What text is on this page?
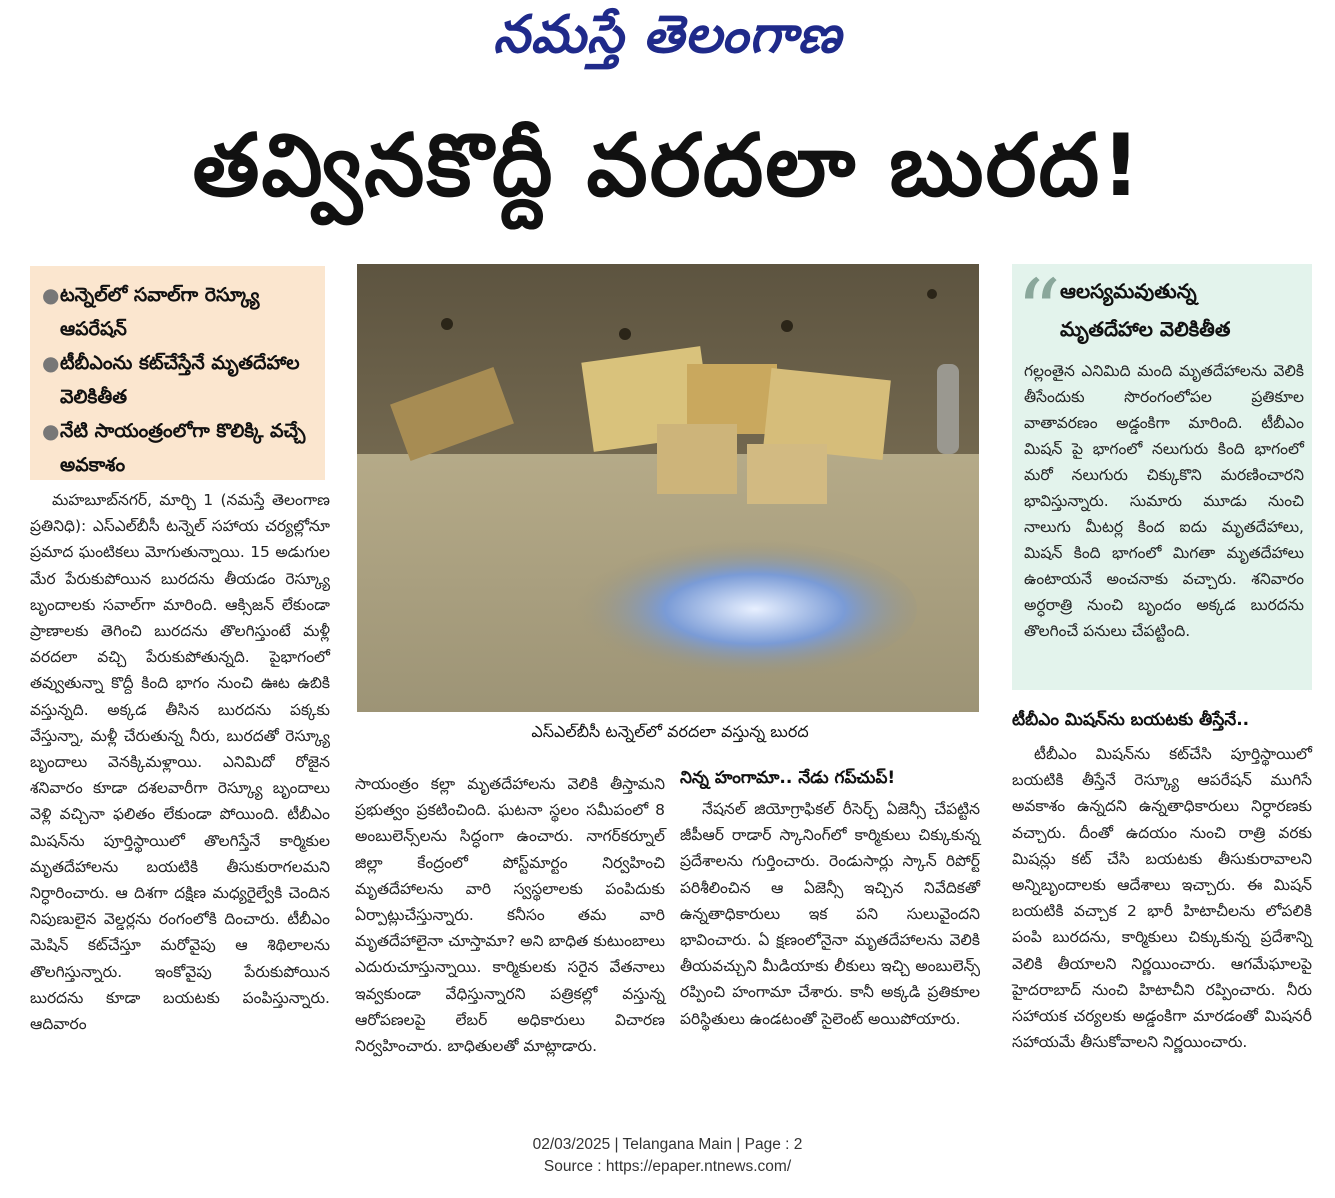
నమస్తే తెలంగాణ
తవ్వినకొద్దీ వరదలా బురద!
● టన్నెల్‌లో సవాల్‌గా రెస్క్యూ ఆపరేషన్
● టీబీఎంను కట్‌చేస్తేనే మృతదేహాల వెలికితీత
● నేటి సాయంత్రంలోగా కొలిక్కి వచ్చే అవకాశం
ఎస్‌ఎల్‌బీసీ టన్నెల్‌లో వరదలా వస్తున్న బురద
“ ఆలస్యమవుతున్న
మృతదేహాల వెలికితీత
గల్లంతైన ఎనిమిది మంది మృతదేహాలను వెలికి తీసేందుకు సొరంగంలోపల ప్రతికూల వాతావరణం అడ్డంకిగా మారింది. టీబీఎం మిషన్ పై భాగంలో నలుగురు కింది భాగంలో మరో నలుగురు చిక్కుకొని మరణించారని భావిస్తున్నారు. సుమారు మూడు నుంచి నాలుగు మీటర్ల కింద ఐదు మృతదేహాలు, మిషన్ కింది భాగంలో మిగతా మృతదేహాలు ఉంటాయనే అంచనాకు వచ్చారు. శనివారం అర్ధరాత్రి నుంచి బృందం అక్కడ బురదను తొలగించే పనులు చేపట్టింది.

మహబూబ్‌నగర్, మార్చి 1 (నమస్తే తెలంగాణ ప్రతినిధి): ఎస్‌ఎల్‌బీసీ టన్నెల్ సహాయ చర్యల్లోనూ ప్రమాద ఘంటికలు మోగుతున్నాయి. 15 అడుగుల మేర పేరుకుపోయిన బురదను తీయడం రెస్క్యూ బృందాలకు సవాల్‌గా మారింది. ఆక్సిజన్ లేకుండా ప్రాణాలకు తెగించి బురదను తొలగిస్తుంటే మళ్లీ వరదలా వచ్చి పేరుకుపోతున్నది. పైభాగంలో తవ్వుతున్నా కొద్దీ కింది భాగం నుంచి ఊట ఉబికి వస్తున్నది. అక్కడ తీసిన బురదను పక్కకు వేస్తున్నా, మళ్లీ చేరుతున్న నీరు, బురదతో రెస్క్యూ బృందాలు వెనక్కిమళ్లాయి. ఎనిమిదో రోజైన శనివారం కూడా దశలవారీగా రెస్క్యూ బృందాలు వెళ్లి వచ్చినా ఫలితం లేకుండా పోయింది. టీబీఎం మిషన్‌ను పూర్తిస్థాయిలో తొలగిస్తేనే కార్మికుల మృతదేహాలను బయటికి తీసుకురాగలమని నిర్ధారించారు. ఆ దిశగా దక్షిణ మధ్యరైల్వేకి చెందిన నిపుణులైన వెల్డర్లను రంగంలోకి దించారు. టీబీఎం మెషిన్ కట్‌చేస్తూ మరోవైపు ఆ శిథిలాలను తొలగిస్తున్నారు. ఇంకోవైపు పేరుకుపోయిన బురదను కూడా బయటకు పంపిస్తున్నారు. ఆదివారం

సాయంత్రం కల్లా మృతదేహాలను వెలికి తీస్తామని ప్రభుత్వం ప్రకటించింది. ఘటనా స్థలం సమీపంలో 8 అంబులెన్స్‌లను సిద్ధంగా ఉంచారు. నాగర్‌కర్నూల్ జిల్లా కేంద్రంలో పోస్ట్‌మార్టం నిర్వహించి మృతదేహాలను వారి స్వస్థలాలకు పంపిదుకు ఏర్పాట్లుచేస్తున్నారు. కనీసం తమ వారి మృతదేహాలైనా చూస్తామా? అని బాధిత కుటుంబాలు ఎదురుచూస్తున్నాయి. కార్మికులకు సరైన వేతనాలు ఇవ్వకుండా వేధిస్తున్నారని పత్రికల్లో వస్తున్న ఆరోపణలపై లేబర్ అధికారులు విచారణ నిర్వహించారు. బాధితులతో మాట్లాడారు.

నిన్న హంగామా.. నేడు గప్‌చుప్!

నేషనల్ జియోగ్రాఫికల్ రీసెర్చ్ ఏజెన్సీ చేపట్టిన జీపీఆర్ రాడార్ స్కానింగ్‌లో కార్మికులు చిక్కుకున్న ప్రదేశాలను గుర్తించారు. రెండుసార్లు స్కాన్ రిపోర్ట్ పరిశీలించిన ఆ ఏజెన్సీ ఇచ్చిన నివేదికతో ఉన్నతాధికారులు ఇక పని సులువైందని భావించారు. ఏ క్షణంలోనైనా మృతదేహాలను వెలికి తీయవచ్చుని మీడియాకు లీకులు ఇచ్చి అంబులెన్స్ రప్పించి హంగామా చేశారు. కానీ అక్కడి ప్రతికూల పరిస్థితులు ఉండటంతో సైలెంట్ అయిపోయారు.

టీబీఎం మిషన్‌ను బయటకు తీస్తేనే..

టీబీఎం మిషన్‌ను కట్‌చేసి పూర్తిస్థాయిలో బయటికి తీస్తేనే రెస్క్యూ ఆపరేషన్ ముగిసే అవకాశం ఉన్నదని ఉన్నతాధికారులు నిర్ధారణకు వచ్చారు. దీంతో ఉదయం నుంచి రాత్రి వరకు మిషన్లు కట్ చేసి బయటకు తీసుకురావాలని అన్నిబృందాలకు ఆదేశాలు ఇచ్చారు. ఈ మిషన్ బయటికి వచ్చాక 2 భారీ హిటాచీలను లోపలికి పంపి బురదను, కార్మికులు చిక్కుకున్న ప్రదేశాన్ని వెలికి తీయాలని నిర్ణయించారు. ఆగమేఘాలపై హైదరాబాద్ నుంచి హిటాచీని రప్పించారు. నీరు సహాయక చర్యలకు అడ్డంకిగా మారడంతో మిషనరీ సహాయమే తీసుకోవాలని నిర్ణయించారు.

02/03/2025 | Telangana Main | Page : 2
Source : https://epaper.ntnews.com/
